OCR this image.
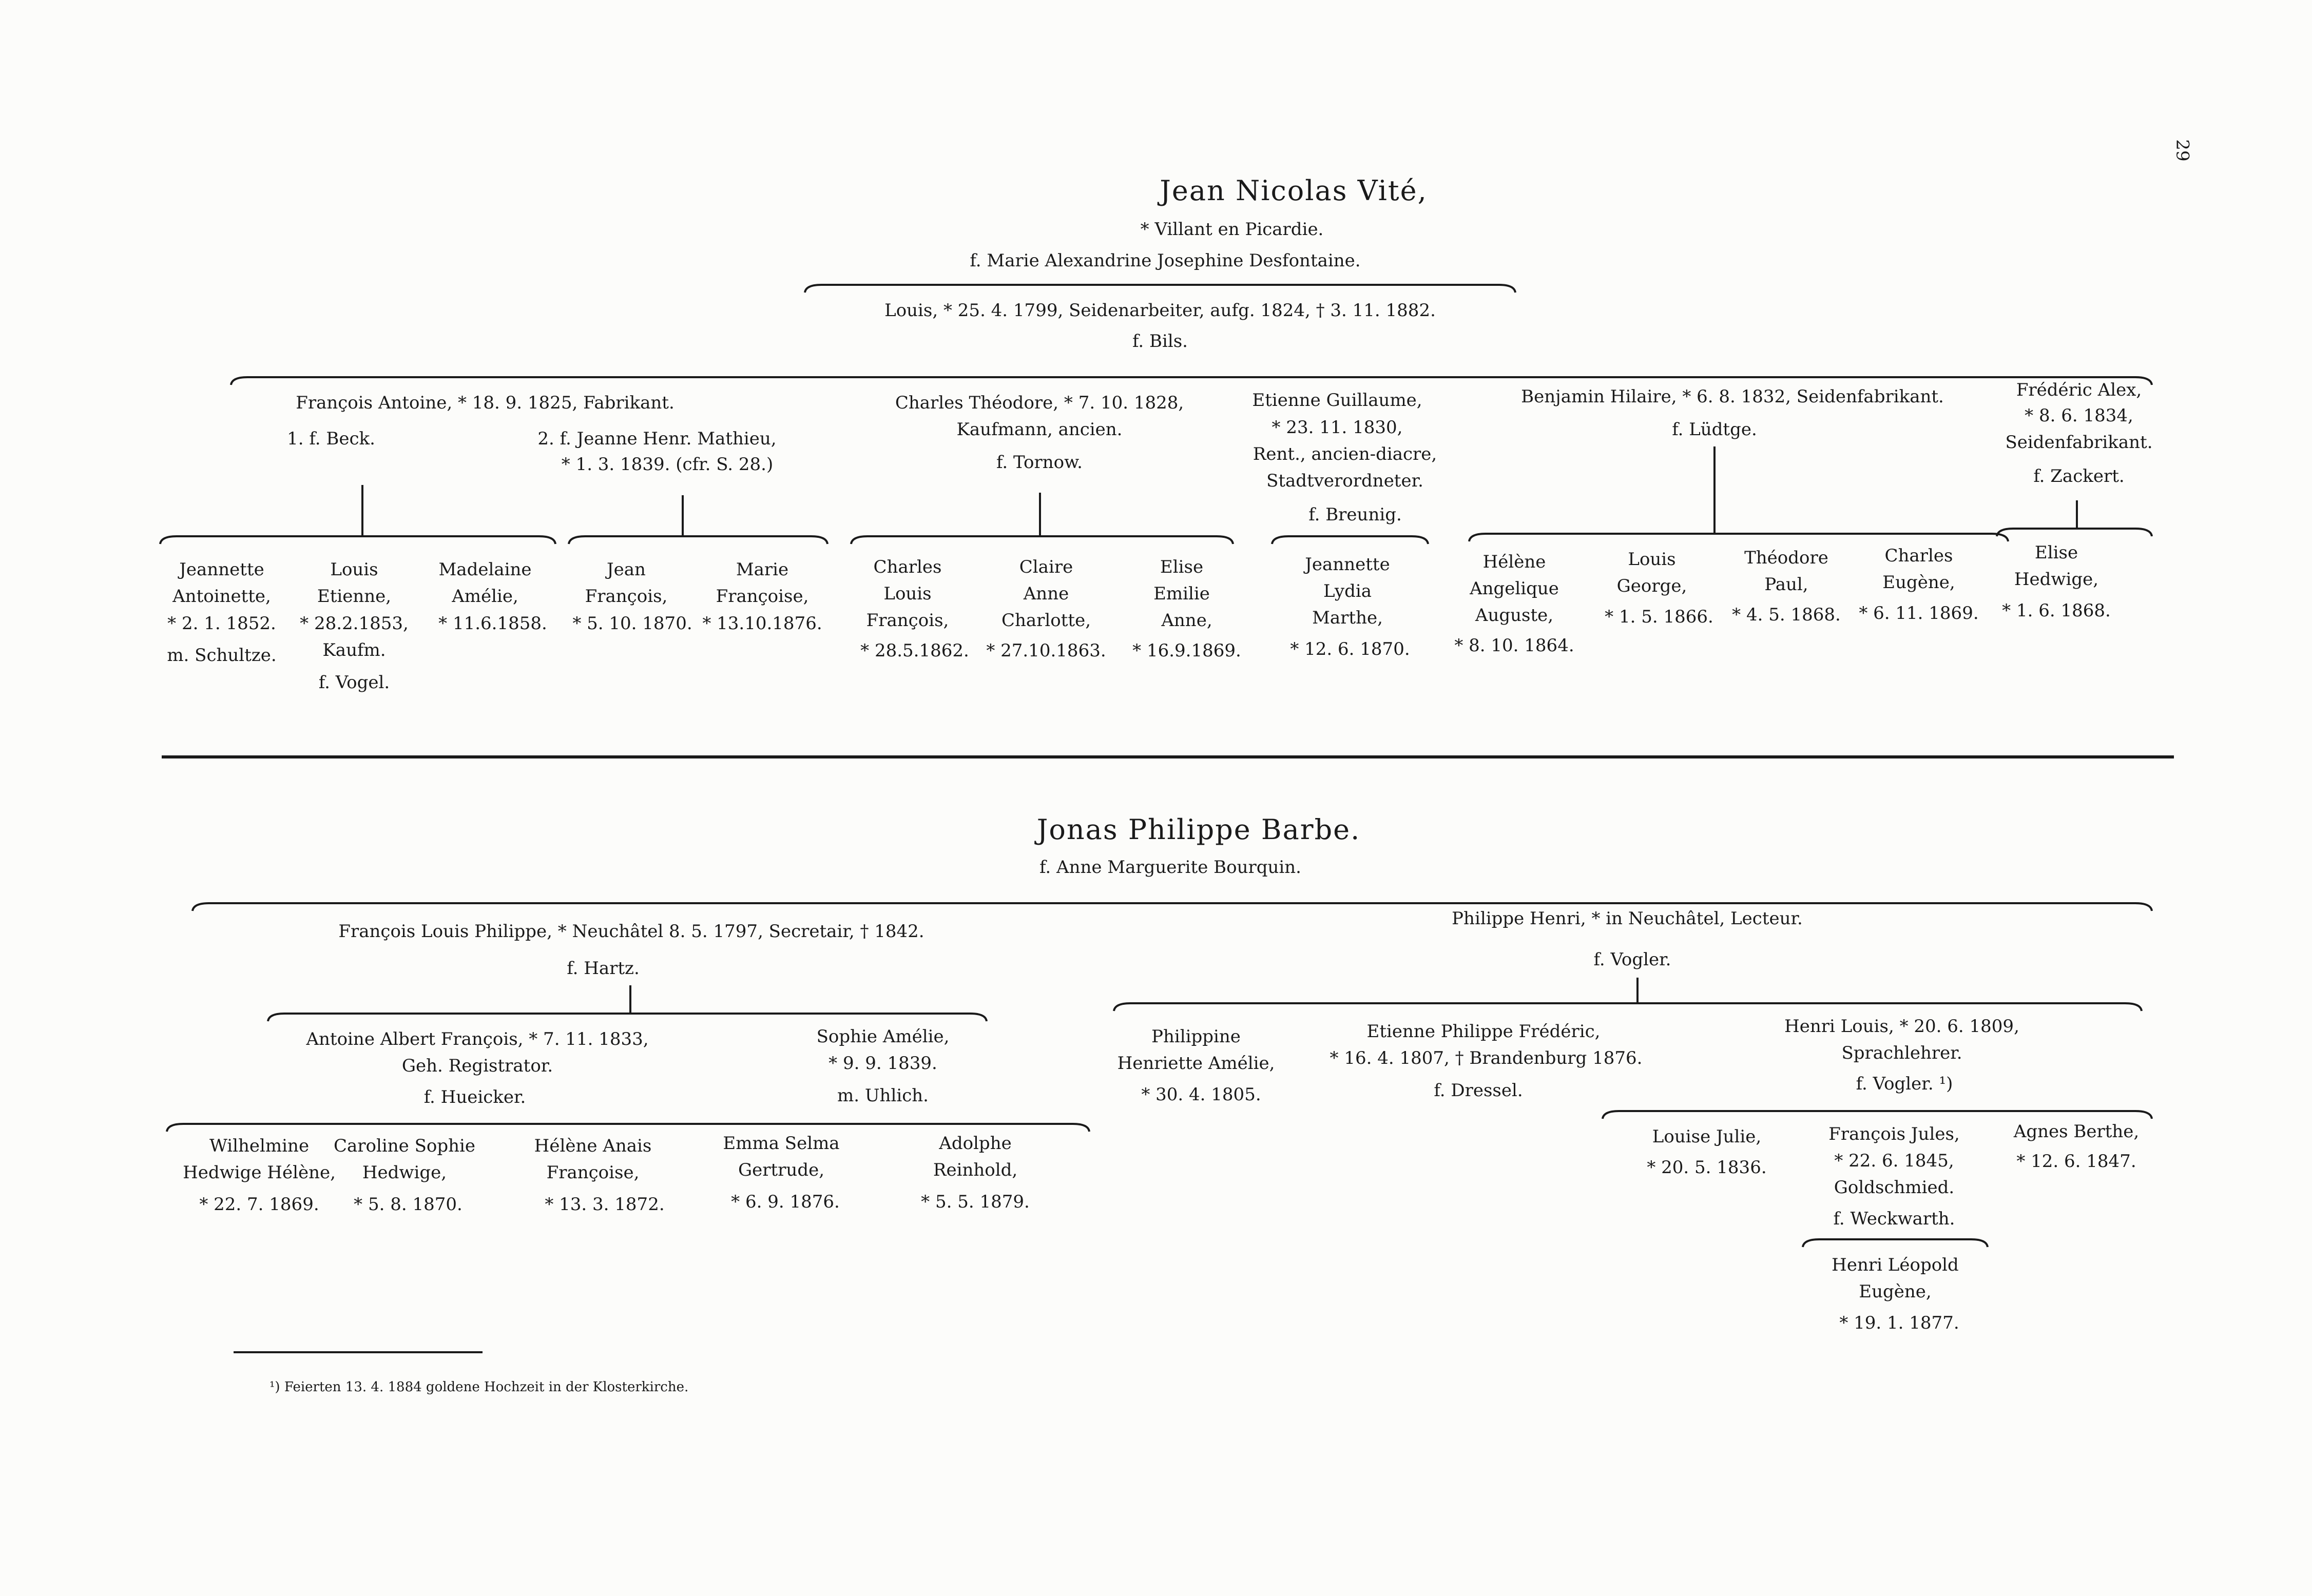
29
Jean Nicolas Vité,
* Villant en Picardie.
f. Marie Alexandrine Josephine Desfontaine.
Louis, * 25. 4. 1799, Seidenarbeiter, aufg. 1824, † 3. 11. 1882.
f. Bils.
François Antoine, * 18. 9. 1825, Fabrikant.
1. f. Beck.	2. f. Jeanne Henr. Mathieu,
* 1. 3. 1839. (cfr. S. 28.)
Charles Théodore, * 7. 10. 1828,
Kaufmann, ancien.
f. Tornow.
Etienne Guillaume,
* 23. 11. 1830,
Rent., ancien-diacre,
Stadtverordneter.
f. Breunig.
Benjamin Hilaire, * 6. 8. 1832, Seidenfabrikant.
f. Lüdtge.
Frédéric Alex,
* 8. 6. 1834,
Seidenfabrikant.
f. Zackert.
Jeannette
Antoinette,
* 2. 1. 1852.
m. Schultze.
Louis
Etienne,
* 28.2.1853,
Kaufm.
f. Vogel.
Madelaine
Amélie,
* 11.6.1858.
Jean
François,
* 5. 10. 1870.
Marie
Françoise,
* 13.10.1876.
Charles
Louis
François,
* 28.5.1862.
Claire
Anne
Charlotte,
* 27.10.1863.
Elise
Emilie
Anne,
* 16.9.1869.
Jeannette
Lydia
Marthe,
* 12. 6. 1870.
Hélène
Angelique
Auguste,
* 8. 10. 1864.
Louis
George,
* 1. 5. 1866.
Théodore
Paul,
* 4. 5. 1868.
Charles
Eugène,
* 6. 11. 1869.
Elise
Hedwige,
* 1. 6. 1868.
Jonas Philippe Barbe.
f. Anne Marguerite Bourquin.
François Louis Philippe, * Neuchâtel 8. 5. 1797, Secretair, † 1842.
f. Hartz.
Philippe Henri, * in Neuchâtel, Lecteur.
f. Vogler.
Antoine Albert François, * 7. 11. 1833,
Geh. Registrator.
f. Hueicker.
Sophie Amélie,
* 9. 9. 1839.
m. Uhlich.
Wilhelmine
Hedwige Hélène,
* 22. 7. 1869.
Caroline Sophie
Hedwige,
* 5. 8. 1870.
Hélène Anais
Françoise,
* 13. 3. 1872.
Emma Selma
Gertrude,
* 6. 9. 1876.
Adolphe
Reinhold,
* 5. 5. 1879.
Philippine
Henriette Amélie,
* 30. 4. 1805.
Etienne Philippe Frédéric,
* 16. 4. 1807, † Brandenburg 1876.
f. Dressel.
Henri Louis, * 20. 6. 1809,
Sprachlehrer.
f. Vogler. ¹)
Louise Julie,
* 20. 5. 1836.
François Jules,
* 22. 6. 1845,
Goldschmied.
f. Weckwarth.
Agnes Berthe,
* 12. 6. 1847.
Henri Léopold
Eugène,
* 19. 1. 1877.
¹) Feierten 13. 4. 1884 goldene Hochzeit in der Klosterkirche.
